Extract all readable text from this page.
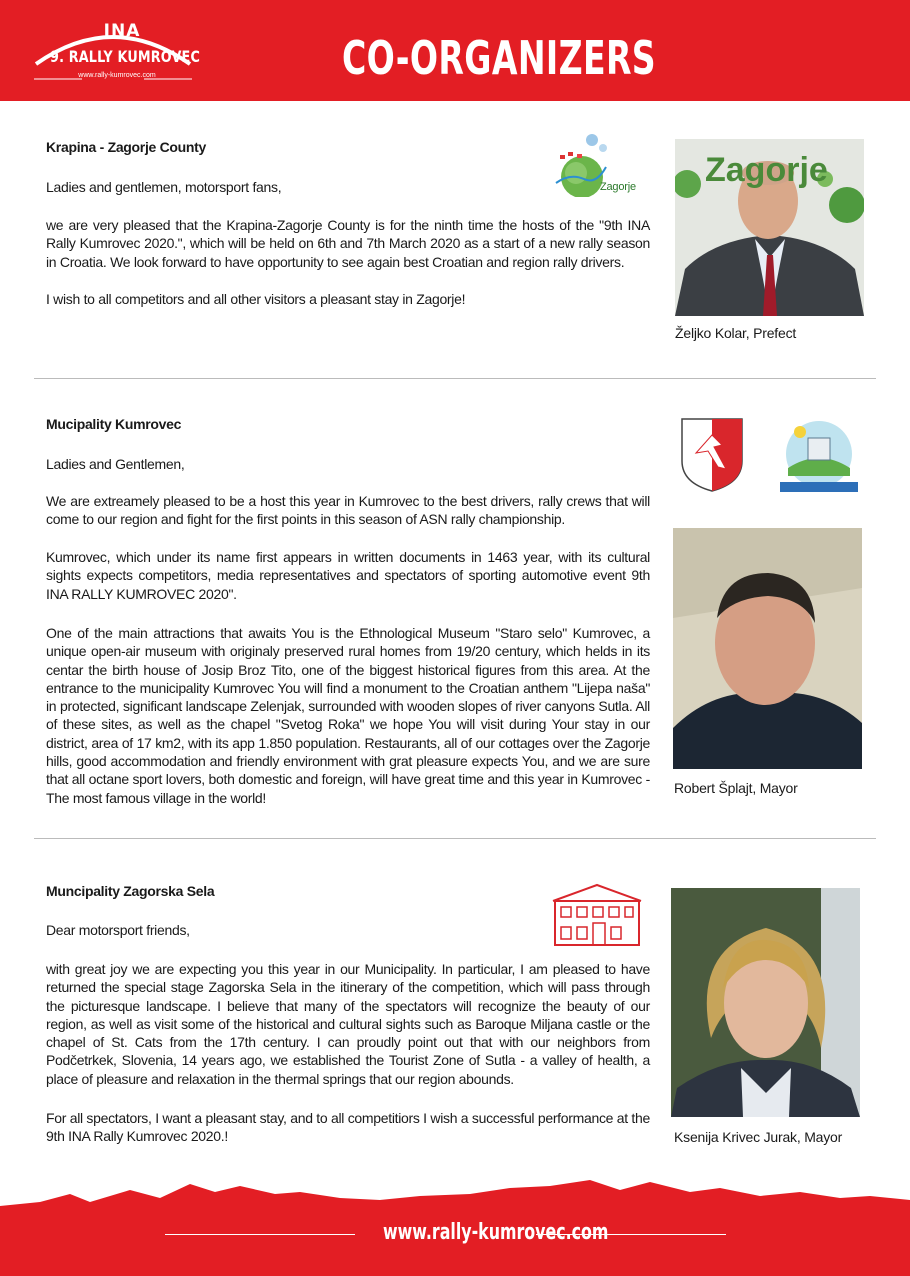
INA
9. RALLY KUMROVEC
www.rally-kumrovec.com	CO-ORGANIZERS
Krapina - Zagorje County
Ladies and gentlemen, motorsport fans,	Zagorje
we are very pleased that the Krapina-Zagorje County is for the ninth time the hosts of the "9th INA Rally Kumrovec 2020.", which will be held on 6th and 7th March 2020 as a start of a new rally season in Croatia. We look forward to have opportunity to see again best Croatian and region rally drivers.
I wish to all competitors and all other visitors a pleasant stay in Zagorje!
Zagorje
Željko Kolar, Prefect
Mucipality Kumrovec
Ladies and Gentlemen,
We are extreamely pleased to be a host this year in Kumrovec to the best drivers, rally crews that will come to our region and fight for the first points in this season of ASN rally championship.
Kumrovec, which under its name first appears in written documents in 1463 year, with its cultural sights expects competitors, media representatives and spectators of sporting automotive event 9th INA RALLY KUMROVEC 2020".
One of the main attractions that awaits You is the Ethnological Museum "Staro selo" Kumrovec, a unique open-air museum with originaly preserved rural homes from 19/20 century, which helds in its centar the birth house of Josip Broz Tito, one of the biggest historical figures from this area. At the entrance to the municipality Kumrovec You will find a monument to the Croatian anthem "Lijepa naša" in protected, significant landscape Zelenjak, surrounded with wooden slopes of river canyons Sutla. All of these sites, as well as the chapel "Svetog Roka" we hope You will visit during Your stay in our district, area of 17 km2, with its app 1.850 population. Restaurants, all of our cottages over the Zagorje hills, good accommodation and friendly environment with grat pleasure expects You, and we are sure that all octane sport lovers, both domestic and foreign, will have great time and this year in Kumrovec - The most famous village in the world!
Robert Šplajt, Mayor
Muncipality Zagorska Sela
Dear motorsport friends,
with great joy we are expecting you this year in our Municipality. In particular, I am pleased to have returned the special stage Zagorska Sela in the itinerary of the competition, which will pass through the picturesque landscape. I believe that many of the spectators will recognize the beauty of our region, as well as visit some of the historical and cultural sights such as Baroque Miljana castle or the chapel of St. Cats from the 17th century. I can proudly point out that with our neighbors from Podčetrkek, Slovenia, 14 years ago, we established the Tourist Zone of Sutla - a valley of health, a place of pleasure and relaxation in the thermal springs that our region abounds.
For all spectators, I want a pleasant stay, and to all competitiors I wish a successful performance at the 9th INA Rally Kumrovec 2020.!	Ksenija Krivec Jurak, Mayor
www.rally-kumrovec.com
